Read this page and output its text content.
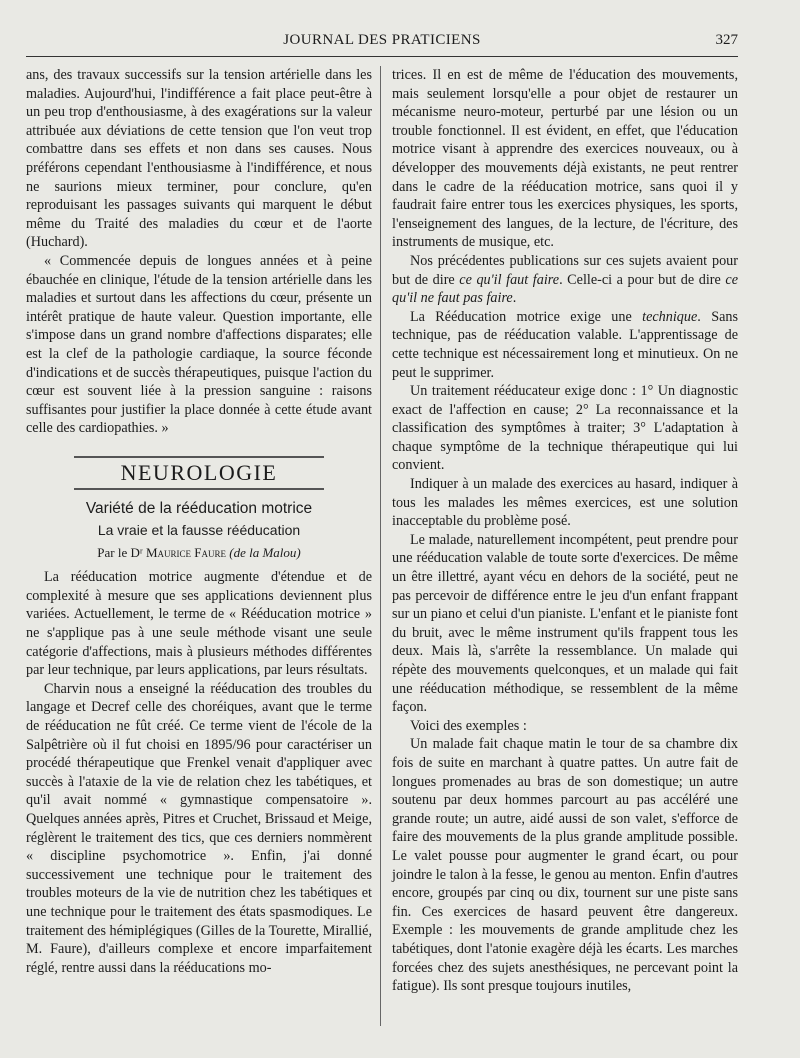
JOURNAL DES PRATICIENS	327

ans, des travaux successifs sur la tension artérielle dans les maladies. Aujourd'hui, l'indifférence a fait place peut-être à un peu trop d'enthousiasme, à des exagérations sur la valeur attribuée aux déviations de cette tension que l'on veut trop combattre dans ses effets et non dans ses causes. Nous préférons cependant l'enthousiasme à l'indifférence, et nous ne saurions mieux terminer, pour conclure, qu'en reproduisant les passages suivants qui marquent le début même du Traité des maladies du cœur et de l'aorte (Huchard).

« Commencée depuis de longues années et à peine ébauchée en clinique, l'étude de la tension artérielle dans les maladies et surtout dans les affections du cœur, présente un intérêt pratique de haute valeur. Question importante, elle s'impose dans un grand nombre d'affections disparates; elle est la clef de la pathologie cardiaque, la source féconde d'indications et de succès thérapeutiques, puisque l'action du cœur est souvent liée à la pression sanguine : raisons suffisantes pour justifier la place donnée à cette étude avant celle des cardiopathies. »

NEUROLOGIE
Variété de la rééducation motrice
La vraie et la fausse rééducation
Par le Dʳ Maurice Faure (de la Malou)

La rééducation motrice augmente d'étendue et de complexité à mesure que ses applications deviennent plus variées. Actuellement, le terme de « Rééducation motrice » ne s'applique pas à une seule méthode visant une seule catégorie d'affections, mais à plusieurs méthodes différentes par leur technique, par leurs applications, par leurs résultats.

Charvin nous a enseigné la rééducation des troubles du langage et Decref celle des choréiques, avant que le terme de rééducation ne fût créé. Ce terme vient de l'école de la Salpêtrière où il fut choisi en 1895/96 pour caractériser un procédé thérapeutique que Frenkel venait d'appliquer avec succès à l'ataxie de la vie de relation chez les tabétiques, et qu'il avait nommé « gymnastique compensatoire ». Quelques années après, Pitres et Cruchet, Brissaud et Meige, réglèrent le traitement des tics, que ces derniers nommèrent « discipline psychomotrice ». Enfin, j'ai donné successivement une technique pour le traitement des troubles moteurs de la vie de nutrition chez les tabétiques et une technique pour le traitement des états spasmodiques. Le traitement des hémiplégiques (Gilles de la Tourette, Mirallié, M. Faure), d'ailleurs complexe et encore imparfaitement réglé, rentre aussi dans la rééducations mo-

trices. Il en est de même de l'éducation des mouvements, mais seulement lorsqu'elle a pour objet de restaurer un mécanisme neuro-moteur, perturbé par une lésion ou un trouble fonctionnel. Il est évident, en effet, que l'éducation motrice visant à apprendre des exercices nouveaux, ou à développer des mouvements déjà existants, ne peut rentrer dans le cadre de la rééducation motrice, sans quoi il y faudrait faire entrer tous les exercices physiques, les sports, l'enseignement des langues, de la lecture, de l'écriture, des instruments de musique, etc.

Nos précédentes publications sur ces sujets avaient pour but de dire ce qu'il faut faire. Celle-ci a pour but de dire ce qu'il ne faut pas faire.

La Rééducation motrice exige une technique. Sans technique, pas de rééducation valable. L'apprentissage de cette technique est nécessairement long et minutieux. On ne peut le supprimer.

Un traitement rééducateur exige donc : 1° Un diagnostic exact de l'affection en cause; 2° La reconnaissance et la classification des symptômes à traiter; 3° L'adaptation à chaque symptôme de la technique thérapeutique qui lui convient.

Indiquer à un malade des exercices au hasard, indiquer à tous les malades les mêmes exercices, est une solution inacceptable du problème posé.

Le malade, naturellement incompétent, peut prendre pour une rééducation valable de toute sorte d'exercices. De même un être illettré, ayant vécu en dehors de la société, peut ne pas percevoir de différence entre le jeu d'un enfant frappant sur un piano et celui d'un pianiste. L'enfant et le pianiste font du bruit, avec le même instrument qu'ils frappent tous les deux. Mais là, s'arrête la ressemblance. Un malade qui répète des mouvements quelconques, et un malade qui fait une rééducation méthodique, se ressemblent de la même façon.

Voici des exemples :

Un malade fait chaque matin le tour de sa chambre dix fois de suite en marchant à quatre pattes. Un autre fait de longues promenades au bras de son domestique; un autre soutenu par deux hommes parcourt au pas accéléré une grande route; un autre, aidé aussi de son valet, s'efforce de faire des mouvements de la plus grande amplitude possible. Le valet pousse pour augmenter le grand écart, ou pour joindre le talon à la fesse, le genou au menton. Enfin d'autres encore, groupés par cinq ou dix, tournent sur une piste sans fin. Ces exercices de hasard peuvent être dangereux. Exemple : les mouvements de grande amplitude chez les tabétiques, dont l'atonie exagère déjà les écarts. Les marches forcées chez des sujets anesthésiques, ne percevant point la fatigue). Ils sont presque toujours inutiles,
